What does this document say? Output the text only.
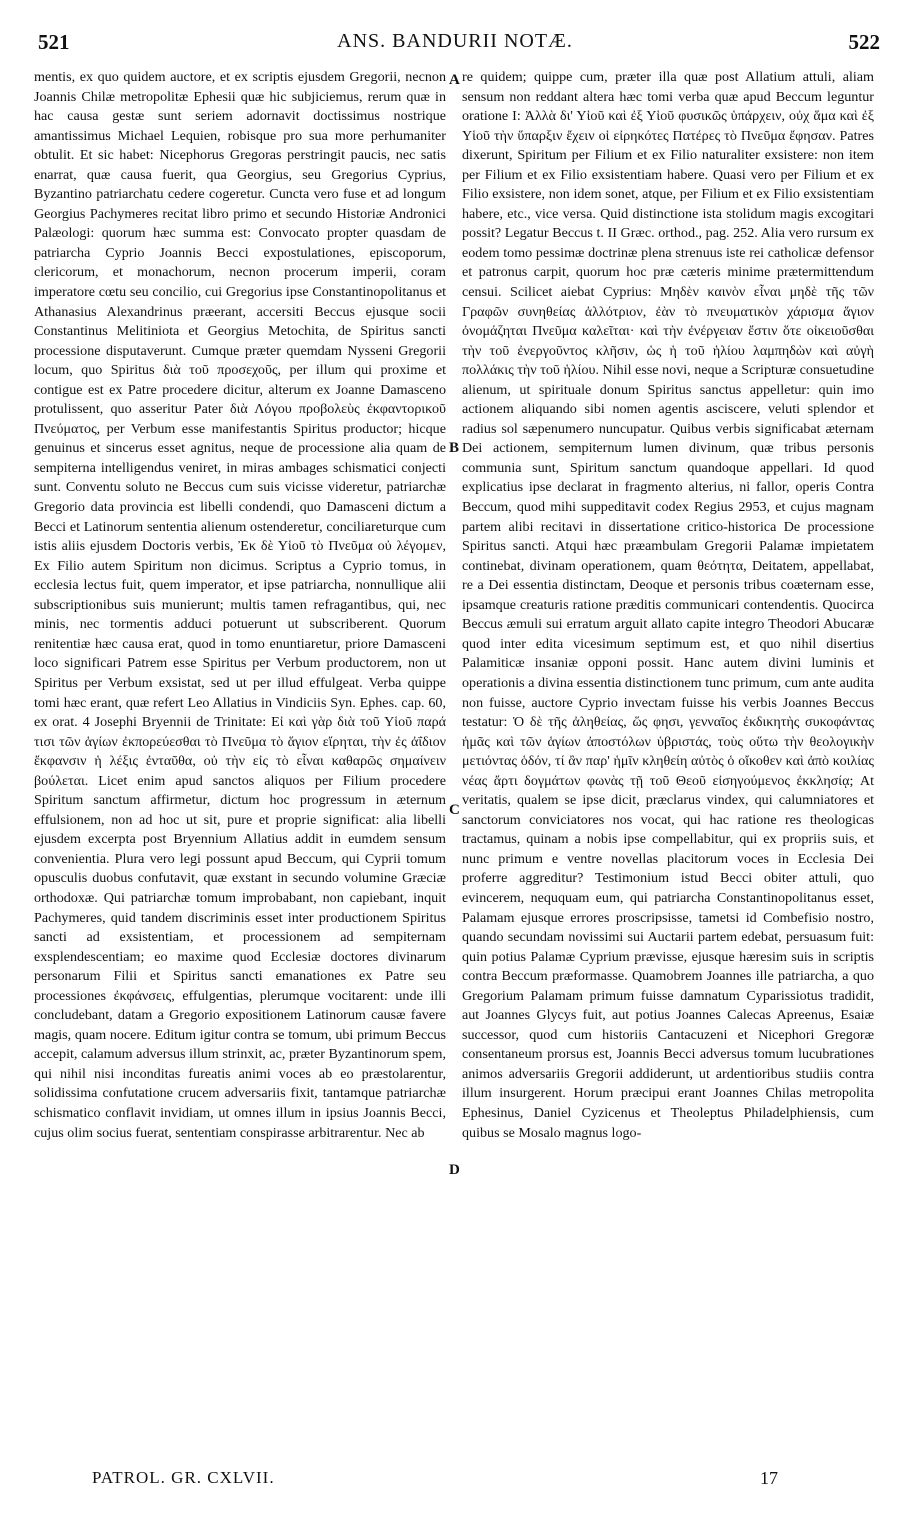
521	ANS. BANDURII NOTÆ.	522

mentis, ex quo quidem auctore, et ex scriptis ejusdem Gregorii, necnon Joannis Chilæ metropolitæ Ephesii quæ hic subjiciemus, rerum quæ in hac causa gestæ sunt seriem adornavit doctissimus nostrique amantissimus Michael Lequien, robisque pro sua more perhumaniter obtulit. Et sic habet: Nicephorus Gregoras perstringit paucis, nec satis enarrat, quæ causa fuerit, qua Georgius, seu Gregorius Cyprius, Byzantino patriarchatu cedere cogeretur. Cuncta vero fuse et ad longum Georgius Pachymeres recitat libro primo et secundo Historiæ Andronici Palæologi: quorum hæc summa est: Convocato propter quasdam de patriarcha Cyprio Joannis Becci expostulationes, episcoporum, clericorum, et monachorum, necnon procerum imperii, coram imperatore cœtu seu concilio, cui Gregorius ipse Constantinopolitanus et Athanasius Alexandrinus præerant, accersiti Beccus ejusque socii Constantinus Melitiniota et Georgius Metochita, de Spiritus sancti processione disputaverunt. Cumque præter quemdam Nysseni Gregorii locum, quo Spiritus διὰ τοῦ προσεχοῦς, per illum qui proxime et contigue est ex Patre procedere dicitur, alterum ex Joanne Damasceno protulissent, quo asseritur Pater διὰ Λόγου προβολεὺς ἐκφαντορικοῦ Πνεύματος, per Verbum esse manifestantis Spiritus productor; hicque genuinus et sincerus esset agnitus, neque de processione alia quam de sempiterna intelligendus veniret, in miras ambages schismatici conjecti sunt. Conventu soluto ne Beccus cum suis vicisse videretur, patriarchæ Gregorio data provincia est libelli condendi, quo Damasceni dictum a Becci et Latinorum sententia alienum ostenderetur, conciliareturque cum istis aliis ejusdem Doctoris verbis, Ἐκ δὲ Υἱοῦ τὸ Πνεῦμα οὐ λέγομεν, Ex Filio autem Spiritum non dicimus. Scriptus a Cyprio tomus, in ecclesia lectus fuit, quem imperator, et ipse patriarcha, nonnullique alii subscriptionibus suis munierunt; multis tamen refragantibus, qui, nec minis, nec tormentis adduci potuerunt ut subscriberent. Quorum renitentiæ hæc causa erat, quod in tomo enuntiaretur, priore Damasceni loco significari Patrem esse Spiritus per Verbum productorem, non ut Spiritus per Verbum exsistat, sed ut per illud effulgeat. Verba quippe tomi hæc erant, quæ refert Leo Allatius in Vindiciis Syn. Ephes. cap. 60, ex orat. 4 Josephi Bryennii de Trinitate: Εἰ καὶ γὰρ διὰ τοῦ Υἱοῦ παρά τισι τῶν ἁγίων ἐκπορεύεσθαι τὸ Πνεῦμα τὸ ἅγιον εἴρηται, τὴν ἐς ἀΐδιον ἔκφανσιν ἡ λέξις ἐνταῦθα, οὐ τὴν εἰς τὸ εἶναι καθαρῶς σημαίνειν βούλεται. Licet enim apud sanctos aliquos per Filium procedere Spiritum sanctum affirmetur, dictum hoc progressum in æternum effulsionem, non ad hoc ut sit, pure et proprie significat: alia libelli ejusdem excerpta post Bryennium Allatius addit in eumdem sensum convenientia. Plura vero legi possunt apud Beccum, qui Cyprii tomum opusculis duobus confutavit, quæ exstant in secundo volumine Græciæ orthodoxæ. Qui patriarchæ tomum improbabant, non capiebant, inquit Pachymeres, quid tandem discriminis esset inter productionem Spiritus sancti ad exsistentiam, et processionem ad sempiternam exsplendescentiam; eo maxime quod Ecclesiæ doctores divinarum personarum Filii et Spiritus sancti emanationes ex Patre seu processiones ἐκφάνσεις, effulgentias, plerumque vocitarent: unde illi concludebant, datam a Gregorio expositionem Latinorum causæ favere magis, quam nocere. Editum igitur contra se tomum, ubi primum Beccus accepit, calamum adversus illum strinxit, ac, præter Byzantinorum spem, qui nihil nisi inconditas fureatis animi voces ab eo præstolarentur, solidissima confutatione crucem adversariis fixit, tantamque patriarchæ schismatico conflavit invidiam, ut omnes illum in ipsius Joannis Becci, cujus olim socius fuerat, sententiam conspirasse arbitrarentur. Nec ab

A
B
C
D

re quidem; quippe cum, præter illa quæ post Allatium attuli, aliam sensum non reddant altera hæc tomi verba quæ apud Beccum leguntur oratione I: Ἀλλὰ δι' Υἱοῦ καὶ ἐξ Υἱοῦ φυσικῶς ὑπάρχειν, οὐχ ἅμα καὶ ἐξ Υἱοῦ τὴν ὕπαρξιν ἔχειν οἱ εἰρηκότες Πατέρες τὸ Πνεῦμα ἔφησαν. Patres dixerunt, Spiritum per Filium et ex Filio naturaliter exsistere: non item per Filium et ex Filio exsistentiam habere. Quasi vero per Filium et ex Filio exsistere, non idem sonet, atque, per Filium et ex Filio exsistentiam habere, etc., vice versa. Quid distinctione ista stolidum magis excogitari possit? Legatur Beccus t. II Græc. orthod., pag. 252. Alia vero rursum ex eodem tomo pessimæ doctrinæ plena strenuus iste rei catholicæ defensor et patronus carpit, quorum hoc præ cæteris minime prætermittendum censui. Scilicet aiebat Cyprius: Μηδὲν καινὸν εἶναι μηδὲ τῆς τῶν Γραφῶν συνηθείας ἀλλότριον, ἐὰν τὸ πνευματικὸν χάρισμα ἅγιον ὀνομάζηται Πνεῦμα καλεῖται· καὶ τὴν ἐνέργειαν ἔστιν ὅτε οἰκειοῦσθαι τὴν τοῦ ἐνεργοῦντος κλῆσιν, ὡς ἡ τοῦ ἡλίου λαμπηδὼν καὶ αὐγὴ πολλάκις τὴν τοῦ ἡλίου. Nihil esse novi, neque a Scripturæ consuetudine alienum, ut spirituale donum Spiritus sanctus appelletur: quin imo actionem aliquando sibi nomen agentis asciscere, veluti splendor et radius sol sæpenumero nuncupatur. Quibus verbis significabat æternam Dei actionem, sempiternum lumen divinum, quæ tribus personis communia sunt, Spiritum sanctum quandoque appellari. Id quod explicatius ipse declarat in fragmento alterius, ni fallor, operis Contra Beccum, quod mihi suppeditavit codex Regius 2953, et cujus magnam partem alibi recitavi in dissertatione critico-historica De processione Spiritus sancti. Atqui hæc præambulam Gregorii Palamæ impietatem continebat, divinam operationem, quam θεότητα, Deitatem, appellabat, re a Dei essentia distinctam, Deoque et personis tribus coæternam esse, ipsamque creaturis ratione præditis communicari contendentis. Quocirca Beccus æmuli sui erratum arguit allato capite integro Theodori Abucaræ quod inter edita vicesimum septimum est, et quo nihil disertius Palamiticæ insaniæ opponi possit. Hanc autem divini luminis et operationis a divina essentia distinctionem tunc primum, cum ante audita non fuisse, auctore Cyprio invectam fuisse his verbis Joannes Beccus testatur: Ὁ δὲ τῆς ἀληθείας, ὥς φησι, γενναῖος ἐκδικητὴς συκοφάντας ἡμᾶς καὶ τῶν ἁγίων ἀποστόλων ὑβριστάς, τοὺς οὕτω τὴν θεολογικὴν μετιόντας ὁδόν, τί ἂν παρ' ἡμῖν κληθείη αὐτὸς ὁ οἴκοθεν καὶ ἀπὸ κοιλίας νέας ἄρτι δογμάτων φωνὰς τῇ τοῦ Θεοῦ εἰσηγούμενος ἐκκλησίᾳ; At veritatis, qualem se ipse dicit, præclarus vindex, qui calumniatores et sanctorum conviciatores nos vocat, qui hac ratione res theologicas tractamus, quinam a nobis ipse compellabitur, qui ex propriis suis, et nunc primum e ventre novellas placitorum voces in Ecclesia Dei proferre aggreditur? Testimonium istud Becci obiter attuli, quo evincerem, neququam eum, qui patriarcha Constantinopolitanus esset, Palamam ejusque errores proscripsisse, tametsi id Combefisio nostro, quando secundam novissimi sui Auctarii partem edebat, persuasum fuit: quin potius Palamæ Cyprium prævisse, ejusque hæresim suis in scriptis contra Beccum præformasse. Quamobrem Joannes ille patriarcha, a quo Gregorium Palamam primum fuisse damnatum Cyparissiotus tradidit, aut Joannes Glycys fuit, aut potius Joannes Calecas Apreenus, Esaiæ successor, quod cum historiis Cantacuzeni et Nicephori Gregoræ consentaneum prorsus est, Joannis Becci adversus tomum lucubrationes animos adversariis Gregorii addiderunt, ut ardentioribus studiis contra illum insurgerent. Horum præcipui erant Joannes Chilas metropolita Ephesinus, Daniel Cyzicenus et Theoleptus Philadelphiensis, cum quibus se Mosalo magnus logo-

PATROL. GR. CXLVII.	17
